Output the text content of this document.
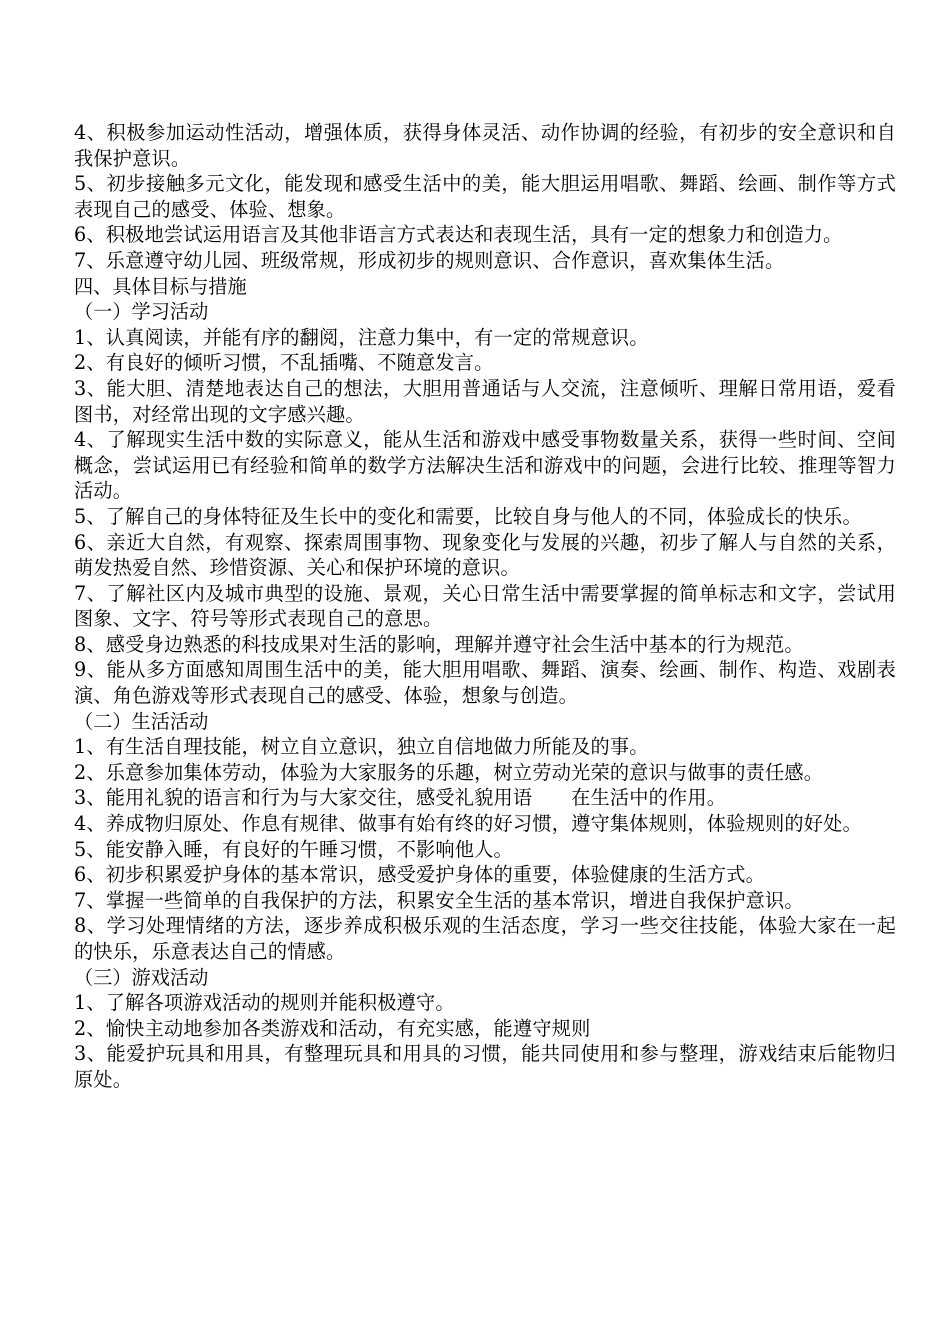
4、积极参加运动性活动，增强体质，获得身体灵活、动作协调的经验，有初步的安全意识和自我保护意识。

5、初步接触多元文化，能发现和感受生活中的美，能大胆运用唱歌、舞蹈、绘画、制作等方式表现自己的感受、体验、想象。

6、积极地尝试运用语言及其他非语言方式表达和表现生活，具有一定的想象力和创造力。

7、乐意遵守幼儿园、班级常规，形成初步的规则意识、合作意识，喜欢集体生活。

四、具体目标与措施

（一）学习活动

1、认真阅读，并能有序的翻阅，注意力集中，有一定的常规意识。

2、有良好的倾听习惯，不乱插嘴、不随意发言。

3、能大胆、清楚地表达自己的想法，大胆用普通话与人交流，注意倾听、理解日常用语，爱看图书，对经常出现的文字感兴趣。

4、了解现实生活中数的实际意义，能从生活和游戏中感受事物数量关系，获得一些时间、空间概念，尝试运用已有经验和简单的数学方法解决生活和游戏中的问题，会进行比较、推理等智力活动。

5、了解自己的身体特征及生长中的变化和需要，比较自身与他人的不同，体验成长的快乐。

6、亲近大自然，有观察、探索周围事物、现象变化与发展的兴趣，初步了解人与自然的关系，萌发热爱自然、珍惜资源、关心和保护环境的意识。

7、了解社区内及城市典型的设施、景观，关心日常生活中需要掌握的简单标志和文字，尝试用图象、文字、符号等形式表现自己的意思。

8、感受身边熟悉的科技成果对生活的影响，理解并遵守社会生活中基本的行为规范。

9、能从多方面感知周围生活中的美，能大胆用唱歌、舞蹈、演奏、绘画、制作、构造、戏剧表演、角色游戏等形式表现自己的感受、体验，想象与创造。

（二）生活活动

1、有生活自理技能，树立自立意识，独立自信地做力所能及的事。

2、乐意参加集体劳动，体验为大家服务的乐趣，树立劳动光荣的意识与做事的责任感。

3、能用礼貌的语言和行为与大家交往，感受礼貌用语　　在生活中的作用。

4、养成物归原处、作息有规律、做事有始有终的好习惯，遵守集体规则，体验规则的好处。

5、能安静入睡，有良好的午睡习惯，不影响他人。

6、初步积累爱护身体的基本常识，感受爱护身体的重要，体验健康的生活方式。

7、掌握一些简单的自我保护的方法，积累安全生活的基本常识，增进自我保护意识。

8、学习处理情绪的方法，逐步养成积极乐观的生活态度，学习一些交往技能，体验大家在一起的快乐，乐意表达自己的情感。

（三）游戏活动

1、了解各项游戏活动的规则并能积极遵守。

2、愉快主动地参加各类游戏和活动，有充实感，能遵守规则

3、能爱护玩具和用具，有整理玩具和用具的习惯，能共同使用和参与整理，游戏结束后能物归原处。
